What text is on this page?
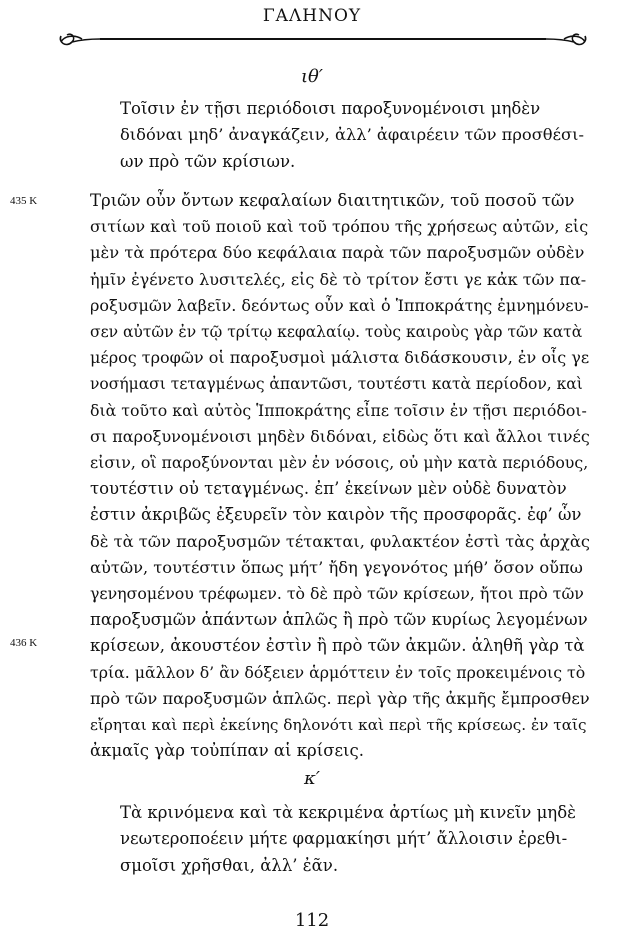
ΓΑΛΗΝΟΥ
ιθ′
Τοῖσιν ἐν τῇσι περιόδοισι παροξυνομένοισι μηδὲν
διδόναι μηδ’ ἀναγκάζειν, ἀλλ’ ἀφαιρέειν τῶν προσθέσι-
ων πρὸ τῶν κρίσιων.
435 K
436 K
Τριῶν οὖν ὄντων κεφαλαίων διαιτητικῶν, τοῦ ποσοῦ τῶν
σιτίων καὶ τοῦ ποιοῦ καὶ τοῦ τρόπου τῆς χρήσεως αὐτῶν, εἰς
μὲν τὰ πρότερα δύο κεφάλαια παρὰ τῶν παροξυσμῶν οὐδὲν
ἡμῖν ἐγένετο λυσιτελές, εἰς δὲ τὸ τρίτον ἔστι γε κἀκ τῶν πα-
ροξυσμῶν λαβεῖν. δεόντως οὖν καὶ ὁ Ἱπποκράτης ἐμνημόνευ-
σεν αὐτῶν ἐν τῷ τρίτῳ κεφαλαίῳ. τοὺς καιροὺς γὰρ τῶν κατὰ
μέρος τροφῶν οἱ παροξυσμοὶ μάλιστα διδάσκουσιν, ἐν οἷς γε
νοσήμασι τεταγμένως ἀπαντῶσι, τουτέστι κατὰ περίοδον, καὶ
διὰ τοῦτο καὶ αὐτὸς Ἱπποκράτης εἶπε τοῖσιν ἐν τῇσι περιόδοι-
σι παροξυνομένοισι μηδὲν διδόναι, εἰδὼς ὅτι καὶ ἄλλοι τινές
εἰσιν, οἳ παροξύνονται μὲν ἐν νόσοις, οὐ μὴν κατὰ περιόδους,
τουτέστιν οὐ τεταγμένως. ἐπ’ ἐκείνων μὲν οὐδὲ δυνατὸν
ἐστιν ἀκριβῶς ἐξευρεῖν τὸν καιρὸν τῆς προσφορᾶς. ἐφ’ ὧν
δὲ τὰ τῶν παροξυσμῶν τέτακται, φυλακτέον ἐστὶ τὰς ἀρχὰς
αὐτῶν, τουτέστιν ὅπως μήτ’ ἤδη γεγονότος μήθ’ ὅσον οὔπω
γενησομένου τρέφωμεν. τὸ δὲ πρὸ τῶν κρίσεων, ἤτοι πρὸ τῶν
παροξυσμῶν ἁπάντων ἁπλῶς ἢ πρὸ τῶν κυρίως λεγομένων
κρίσεων, ἀκουστέον ἐστὶν ἢ πρὸ τῶν ἀκμῶν. ἀληθῆ γὰρ τὰ
τρία. μᾶλλον δ’ ἂν δόξειεν ἁρμόττειν ἐν τοῖς προκειμένοις τὸ
πρὸ τῶν παροξυσμῶν ἁπλῶς. περὶ γὰρ τῆς ἀκμῆς ἔμπροσθεν
εἴρηται καὶ περὶ ἐκείνης δηλονότι καὶ περὶ τῆς κρίσεως. ἐν ταῖς
ἀκμαῖς γὰρ τοὐπίπαν αἱ κρίσεις.
κ′
Τὰ κρινόμενα καὶ τὰ κεκριμένα ἀρτίως μὴ κινεῖν μηδὲ
νεωτεροποέειν μήτε φαρμακίησι μήτ’ ἄλλοισιν ἐρεθι-
σμοῖσι χρῆσθαι, ἀλλ’ ἐᾶν.
112
